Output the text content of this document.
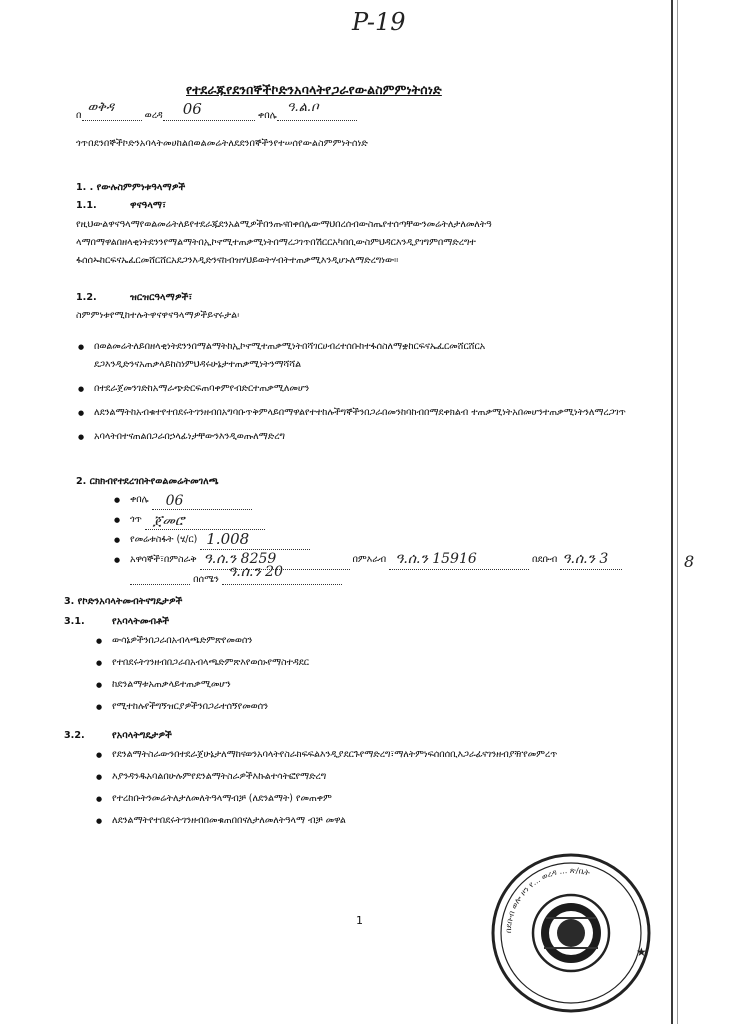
P-19
የተደራጁየደንበኞችኮድንአባላትየጋራየውልስምምነትሰነድ
በ
ወቅዳ
ወረዳ 06	ቀበሌ
ዓ.ል.ቦ
ጎጥበደንበኞችኮድንአባላትመሀከልበወልመሬትለደደንበኞችንየተሠሰየውልስምምነትሰነድ
1. . የውሉስምምነቱዓላማዎች
1.1.	ዋናዓላማ፣
የዚህውልዋናዓላማየወልመሬትለይየተደራጁደንአልሚዎችበንጡናበቀበሌውማህበረሰብውስጤየተሰጣቸውንመሬትለታለመለትዓ ላማበማዋልበዘላቂነትደንንየማልማትበኢኮኖሚተጠቃሚነትበማረጋገጥበሽርርአካበቢውስምህዳርእንዲያገግምበማድረግተ ፋሰሰኡከርፍናኤፈርመሸርሸርአደጋንእዲድንናከብዝሃህይወትሃብትተጠቃሚእንዲሆኑለማድረግነው።
1.2.	ዝርዝርዓላማዎች፣
ስምምነቱየሚከተሉትዋናዋናዓላማዎችይኖሩታል፡
● በወልመሬትለይበዘላቂነትደንንበማልማትከኢኮኖሚተጠቃሚነትበሻገርሀብረተሰቡከተፋሰስለማቋከርፍናኤፈርመሸርሸርአ ደጋእንዲድንናአጠቃላይከስነምህዳሩሁኔታተጠቃሚነትንማሻሻል
● በተደራጀመንገድከአማራጭድርፍጠባቀምየብድርተጠቃሚለመሆን
● ለደንልማትከአብቁተየተበደሩትገንዘብበአግባቡጥቅምላይበማዋልየተተከሉችግኞችንበጋራበመንከባከብበማደቀክልብ ተጠቃሚነትአበመሆንተጠቃሚነትንለማረጋገጥ
● አባላትበተናጠልበጋራበኃላፊነታቸውንእንዲወጡለማድረግ
2. ርክክብየተደረገበትየወልመሬትመገለጫ
● ቀበሌ 06
● ጎጥ ጀመሮ
● የመሬቱስፋት (ሄ/ር) 1.008
● አዋሳኞች፣በምስራቅ ዓ.ሰ.ን 8259	በምእራብ ዓ.ሰ.ን 15916	በደቡብ ዓ.ሰ.ን 3	8
በሰሜን ዓ.ሰ.ን 20
3. የኮድንአባላትመብትናግዴታዎች
3.1.	የአባላትመብቶች
● ውሳኔዎችንበጋራበአብላጫድምጽየመወሰን
● የተበደሩትገንዘብበጋራበአብላጫድምጽእየወሰኑየማስተዳደር
● ከደንልማቱአጠቃላይተጠቃሚመሆን
● የሚተከሉየችግኝዝርያዎችንበጋራተሰኝየመወሰን
3.2.	የአባላትግዴታዎች
● የደንልማትስራውንበተደራጀሁኔታለማከናወንአባላትየስራክፍፍልእንዲያደርጉየማድረግ፣ማለትምነፍሰበሰቢእጋራፊናገንዘብያዥየመምረጥ
● እያንዳንዱአባልበሁሉምየደንልማትስራዎችእኩልተሳትፎየማድረግ
● የተረከቡትንመሬትለታለመለትዓላማብቻ (ለደንልማት) የመጠቀም
● ለደንልማትየተበደሩትገንዘብበመቁጠበበናለታለመለትዓላማ ብቻ መዋል
1
በደቡብ ወሎ ዞን የ... ወረዳ ... ጽ/ቤት
★
